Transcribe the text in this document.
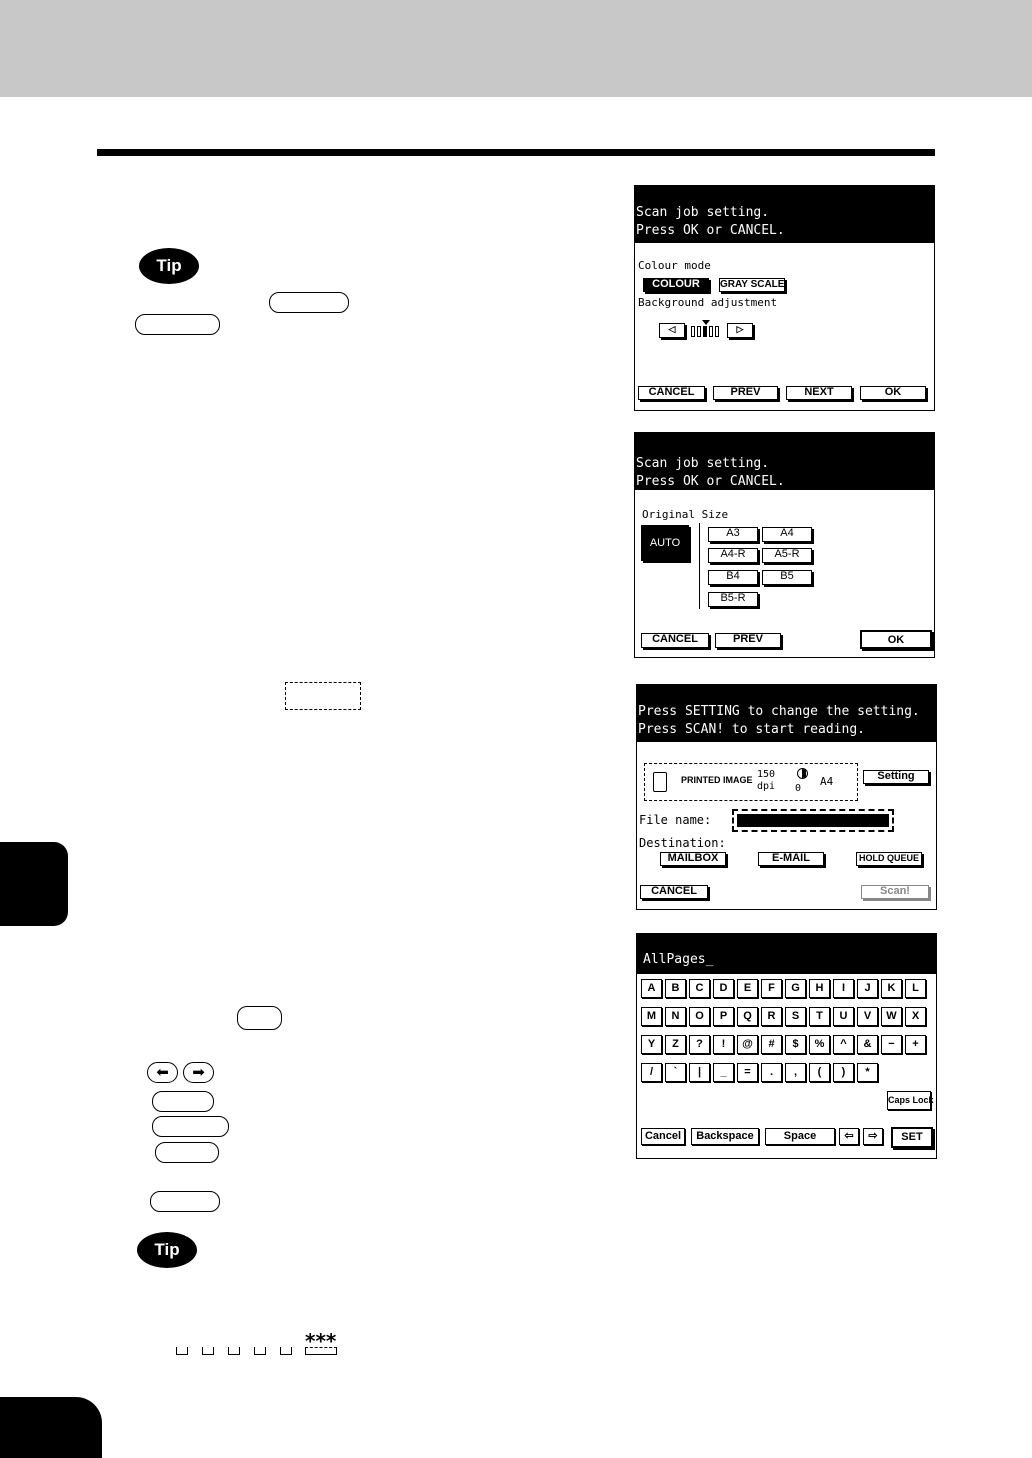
Tip
⬅	➡
Tip
***
Scan job setting.
Press OK or CANCEL.
Colour mode
COLOUR	GRAY SCALE
Background adjustment
◁	▷
CANCEL	PREV	NEXT	OK
Scan job setting.
Press OK or CANCEL.
Original Size
AUTO
A3	A4
A4-R	A5-R
B4	B5
B5-R
CANCEL	PREV	OK
Press SETTING to change the setting.
Press SCAN! to start reading.
PRINTED IMAGE 150
dpi 0
A4	Setting
File name:
Destination:
MAILBOX	E-MAIL	HOLD QUEUE
CANCEL	Scan!
AllPages_
A	B	C	D	E	F	G	H	I	J	K	L
M	N	O	P	Q	R	S	T	U	V	W	X
Y	Z	?	!	@	#	$	%	^	&	−	+
/	`	|	_	=	.	,	(	)	*
Caps Lock
Cancel	Backspace	Space	⇦	⇨	SET
